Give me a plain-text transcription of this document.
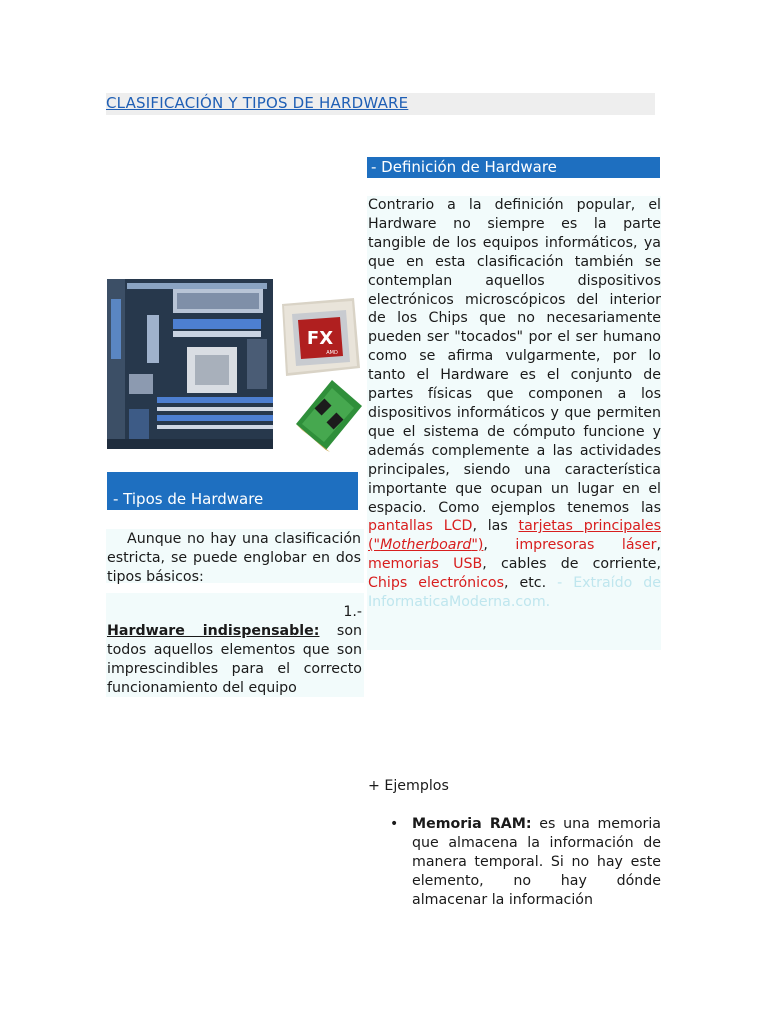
CLASIFICACIÓN Y TIPOS DE HARDWARE
- Definición de Hardware
Contrario a la definición popular, el Hardware no siempre es la parte tangible de los equipos informáticos, ya que en esta clasificación también se contemplan aquellos dispositivos electrónicos microscópicos del interior de los Chips que no necesariamente pueden ser "tocados" por el ser humano como se afirma vulgarmente, por lo tanto el Hardware es el conjunto de partes físicas que componen a los dispositivos informáticos y que permiten que el sistema de cómputo funcione y además complemente a las actividades principales, siendo una característica importante que ocupan un lugar en el espacio. Como ejemplos tenemos las pantallas LCD, las tarjetas principales ("Motherboard"), impresoras láser, memorias USB, cables de corriente, Chips electrónicos, etc. - Extraído de InformaticaModerna.com.
FX
AMD
- Tipos de Hardware
Aunque no hay una clasificación estricta, se puede englobar en dos tipos básicos:
1.-
Hardware indispensable: son todos aquellos elementos que son imprescindibles para el correcto funcionamiento del equipo
+ Ejemplos
• Memoria RAM: es una memoria que almacena la información de manera temporal. Si no hay este elemento, no hay dónde almacenar la información
